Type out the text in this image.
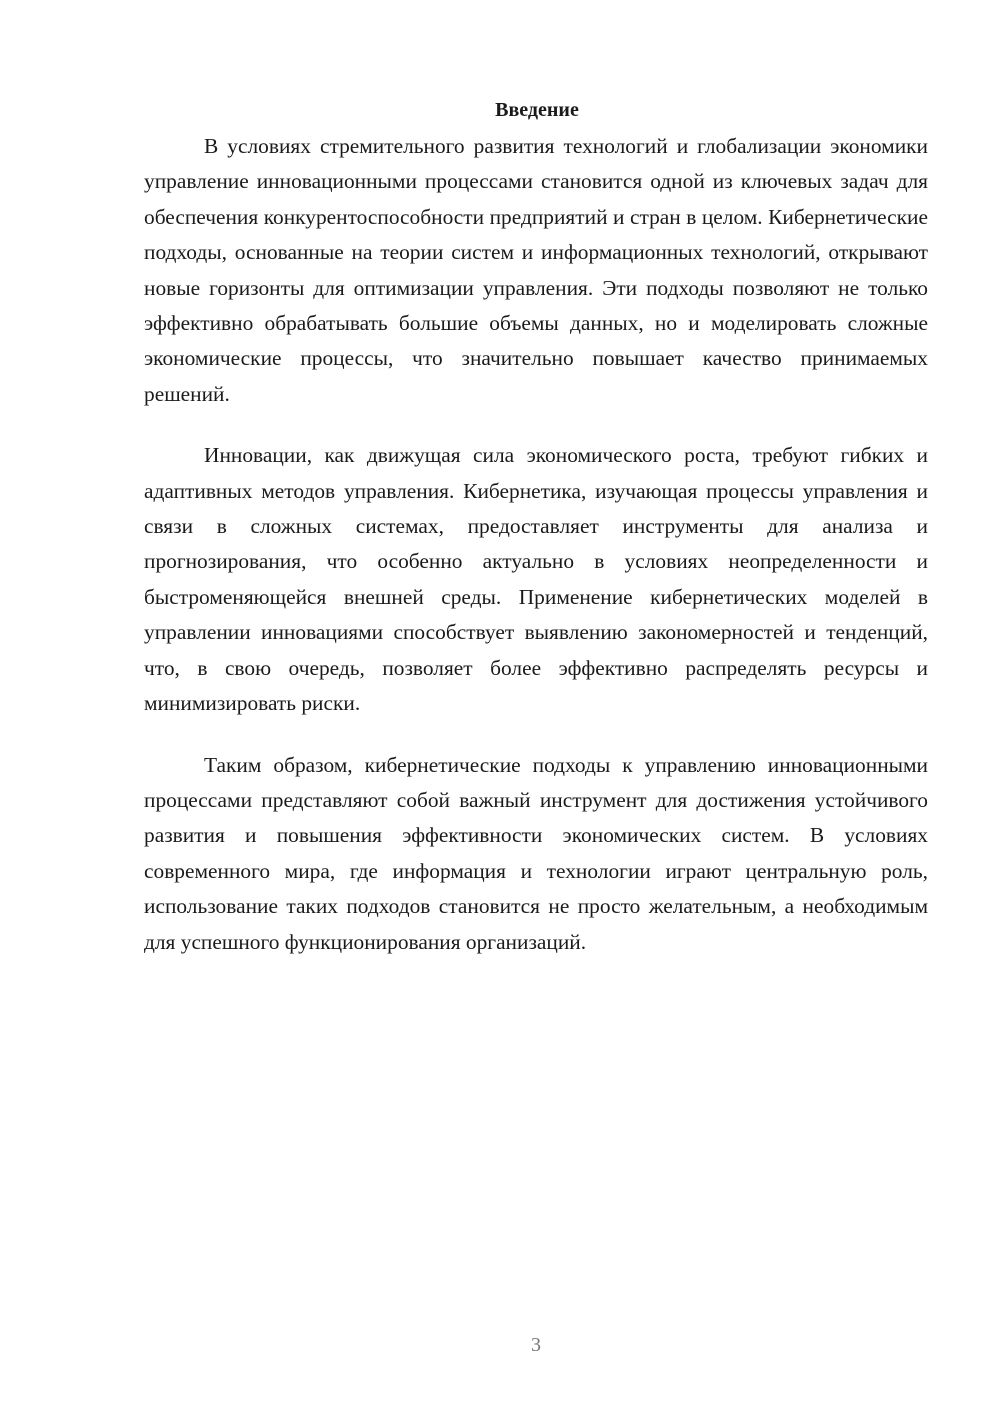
Введение

В условиях стремительного развития технологий и глобализации экономики управление инновационными процессами становится одной из ключевых задач для обеспечения конкурентоспособности предприятий и стран в целом. Кибернетические подходы, основанные на теории систем и информационных технологий, открывают новые горизонты для оптимизации управления. Эти подходы позволяют не только эффективно обрабатывать большие объемы данных, но и моделировать сложные экономические процессы, что значительно повышает качество принимаемых решений.

Инновации, как движущая сила экономического роста, требуют гибких и адаптивных методов управления. Кибернетика, изучающая процессы управления и связи в сложных системах, предоставляет инструменты для анализа и прогнозирования, что особенно актуально в условиях неопределенности и быстроменяющейся внешней среды. Применение кибернетических моделей в управлении инновациями способствует выявлению закономерностей и тенденций, что, в свою очередь, позволяет более эффективно распределять ресурсы и минимизировать риски.

Таким образом, кибернетические подходы к управлению инновационными процессами представляют собой важный инструмент для достижения устойчивого развития и повышения эффективности экономических систем. В условиях современного мира, где информация и технологии играют центральную роль, использование таких подходов становится не просто желательным, а необходимым для успешного функционирования организаций.

3
